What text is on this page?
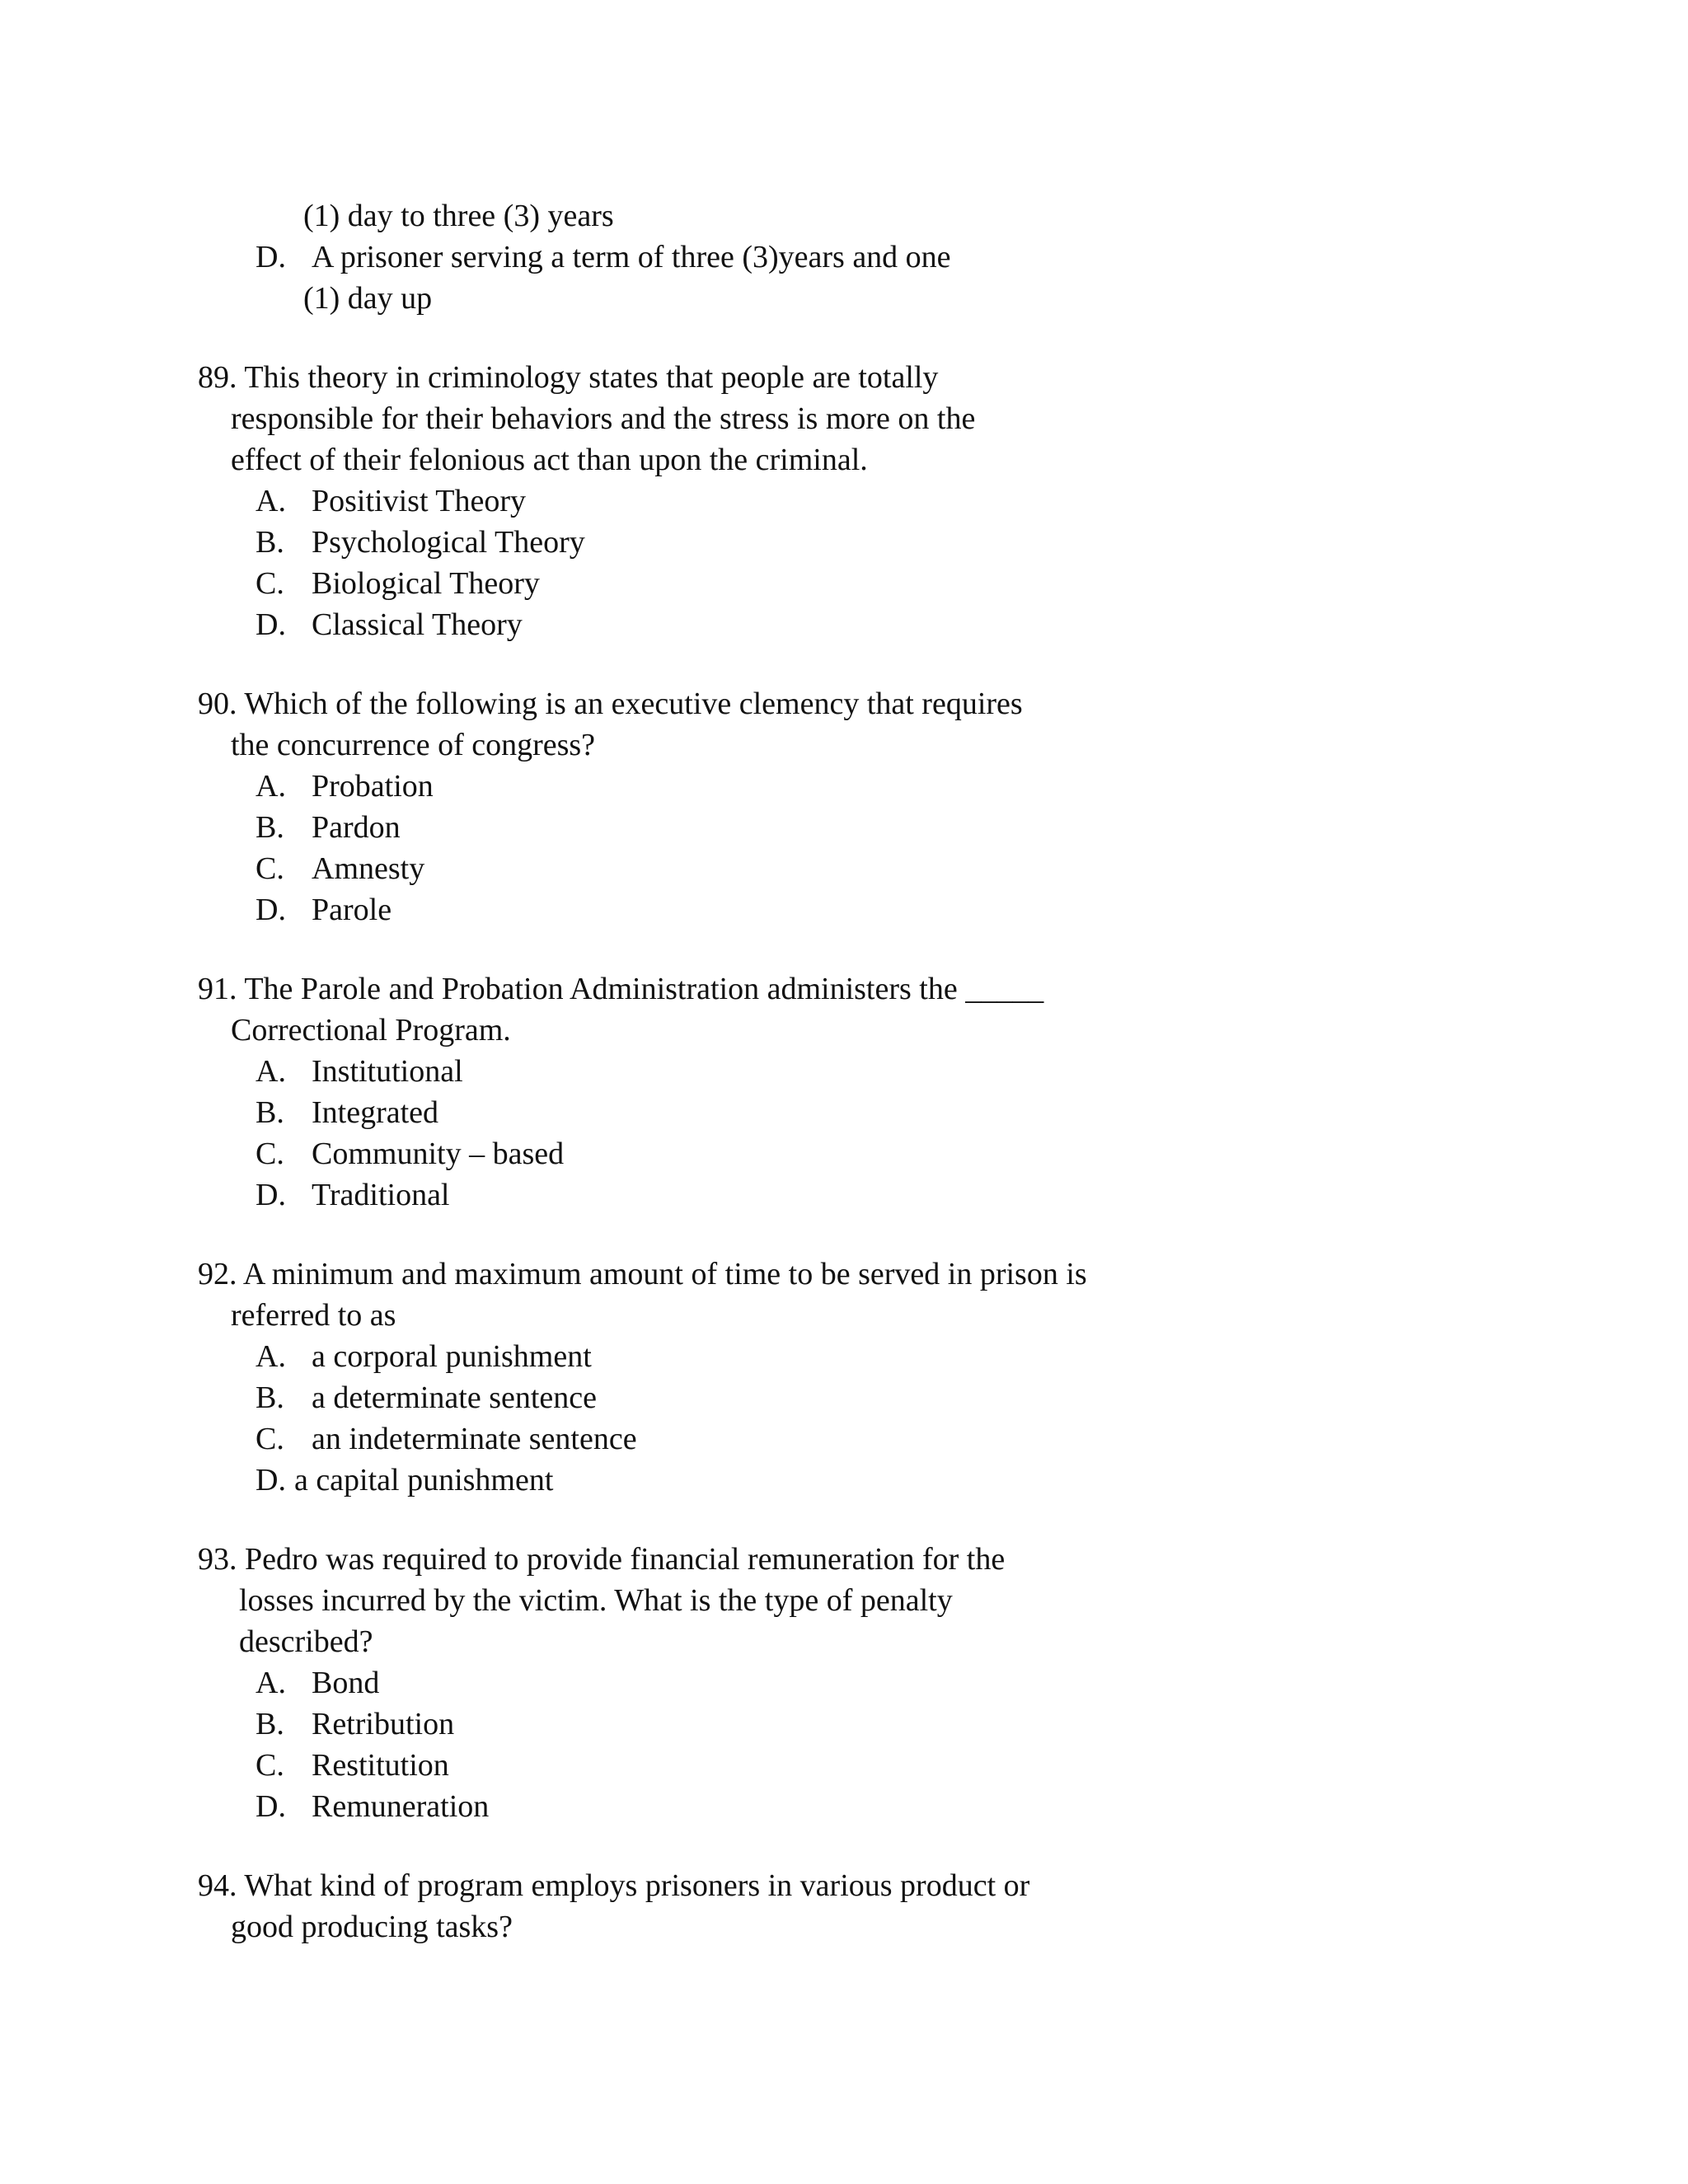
(1) day to three (3) years
D. A prisoner serving a term of three (3)years and one
(1) day up
89. This theory in criminology states that people are totally
responsible for their behaviors and the stress is more on the
effect of their felonious act than upon the criminal.
A. Positivist Theory
B. Psychological Theory
C. Biological Theory
D. Classical Theory
90. Which of the following is an executive clemency that requires
the concurrence of congress?
A. Probation
B. Pardon
C. Amnesty
D. Parole
91. The Parole and Probation Administration administers the _____
Correctional Program.
A. Institutional
B. Integrated
C. Community – based
D. Traditional
92. A minimum and maximum amount of time to be served in prison is
referred to as
A. a corporal punishment
B. a determinate sentence
C. an indeterminate sentence
D. a capital punishment
93. Pedro was required to provide financial remuneration for the
losses incurred by the victim. What is the type of penalty
described?
A. Bond
B. Retribution
C. Restitution
D. Remuneration
94. What kind of program employs prisoners in various product or
good producing tasks?
